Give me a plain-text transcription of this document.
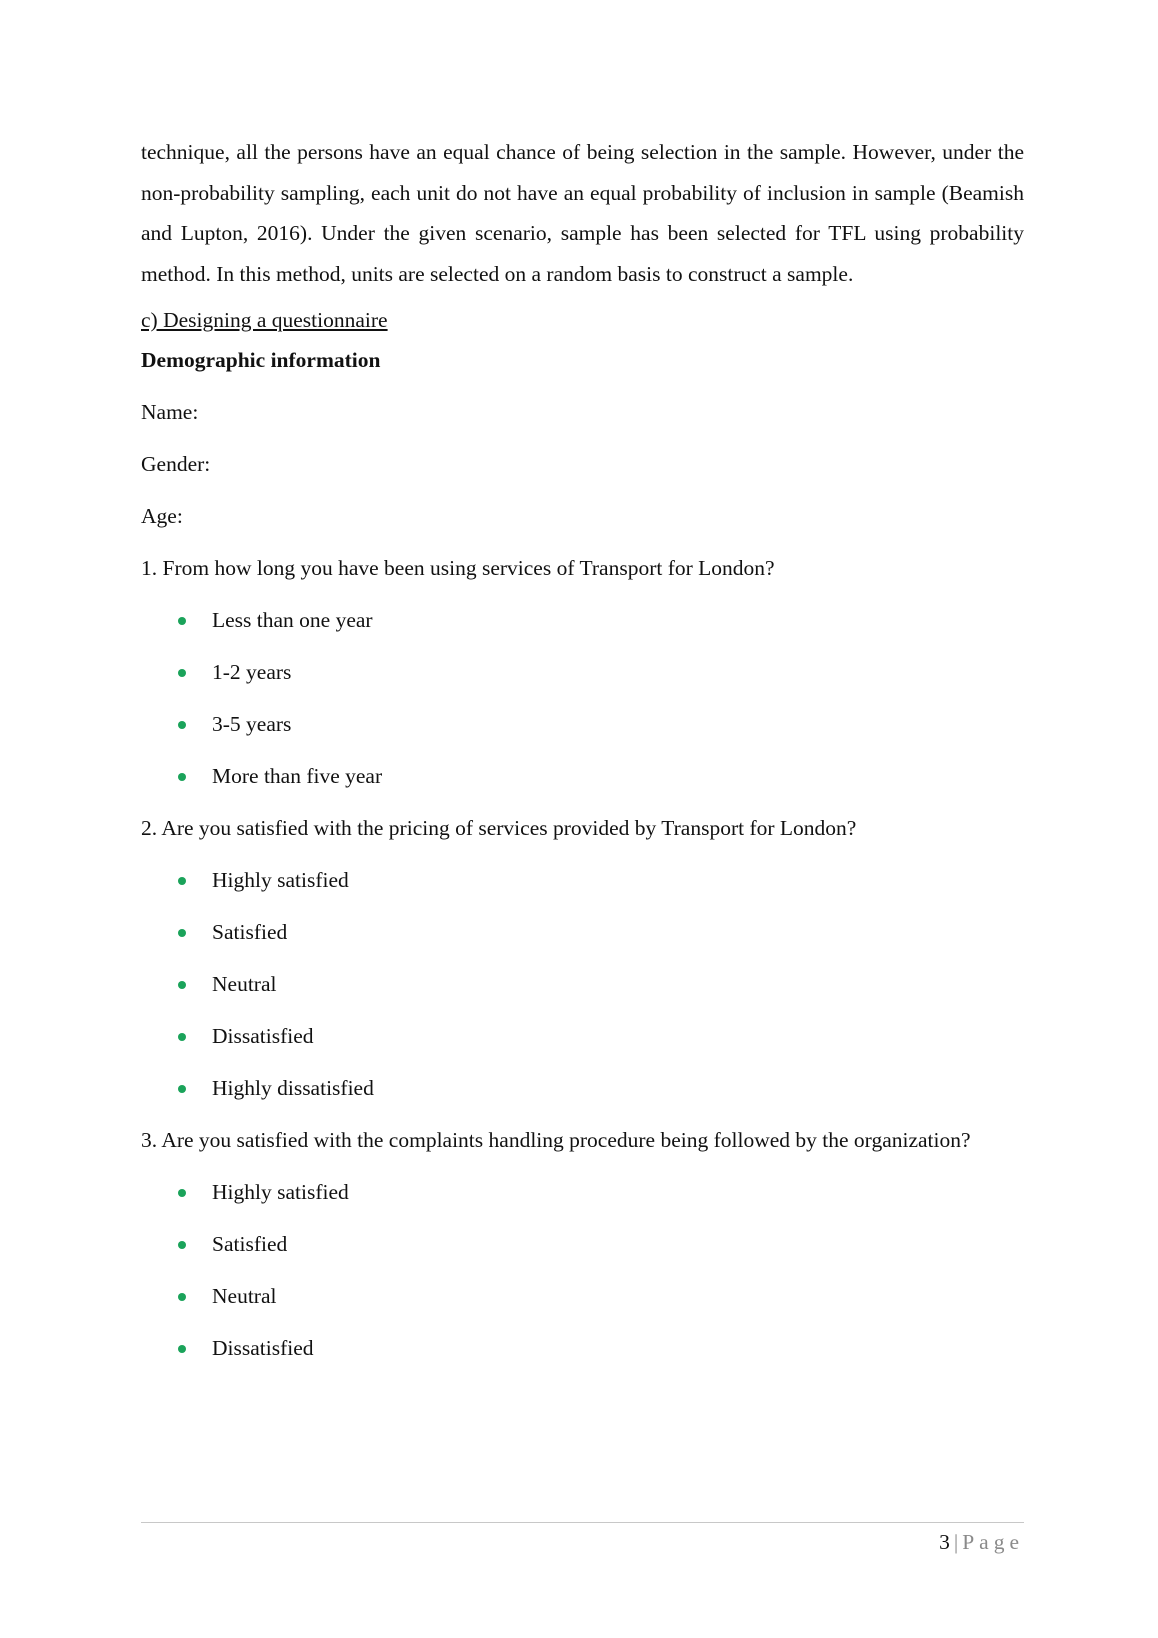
technique, all the persons have an equal chance of being selection in the sample. However, under the non-probability sampling, each unit do not have an equal probability of inclusion in sample (Beamish and Lupton, 2016). Under the given scenario, sample has been selected for TFL using probability method. In this method, units are selected on a random basis to construct a sample.

c) Designing a questionnaire
Demographic information
Name:
Gender:
Age:
1. From how long you have been using services of Transport for London?
Less than one year
1-2 years
3-5 years
More than five year
2. Are you satisfied with the pricing of services provided by Transport for London?
Highly satisfied
Satisfied
Neutral
Dissatisfied
Highly dissatisfied
3. Are you satisfied with the complaints handling procedure being followed by the organization?
Highly satisfied
Satisfied
Neutral
Dissatisfied
3 | Page
